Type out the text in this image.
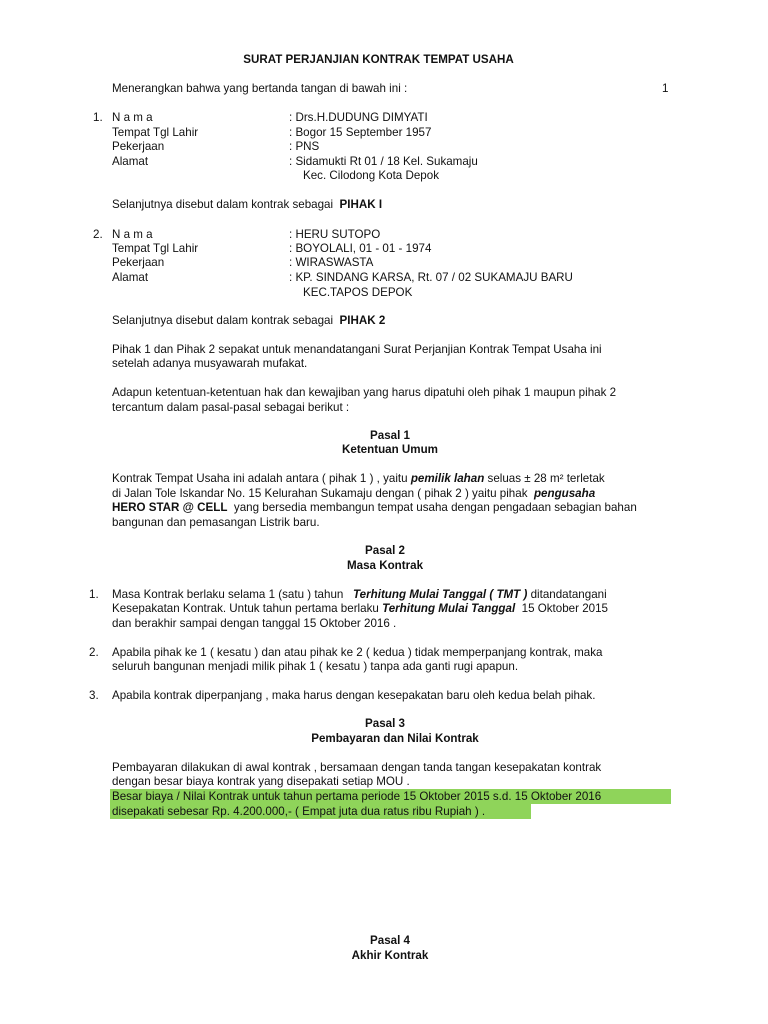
SURAT PERJANJIAN KONTRAK TEMPAT USAHA
Menerangkan bahwa yang bertanda tangan di bawah ini :	1
1. N a m a	: Drs.H.DUDUNG DIMYATI
Tempat Tgl Lahir	: Bogor 15 September 1957
Pekerjaan	: PNS
Alamat	: Sidamukti Rt 01 / 18 Kel. Sukamaju
Kec. Cilodong Kota Depok
Selanjutnya disebut dalam kontrak sebagai PIHAK I
2. N a m a	: HERU SUTOPO
Tempat Tgl Lahir	: BOYOLALI, 01 - 01 - 1974
Pekerjaan	: WIRASWASTA
Alamat	: KP. SINDANG KARSA, Rt. 07 / 02 SUKAMAJU BARU
KEC.TAPOS DEPOK
Selanjutnya disebut dalam kontrak sebagai PIHAK 2
Pihak 1 dan Pihak 2 sepakat untuk menandatangani Surat Perjanjian Kontrak Tempat Usaha ini
setelah adanya musyawarah mufakat.
Adapun ketentuan-ketentuan hak dan kewajiban yang harus dipatuhi oleh pihak 1 maupun pihak 2
tercantum dalam pasal-pasal sebagai berikut :
Pasal 1
Ketentuan Umum
Kontrak Tempat Usaha ini adalah antara ( pihak 1 ) , yaitu pemilik lahan seluas ± 28 m² terletak
di Jalan Tole Iskandar No. 15 Kelurahan Sukamaju dengan ( pihak 2 ) yaitu pihak pengusaha
HERO STAR @ CELL yang bersedia membangun tempat usaha dengan pengadaan sebagian bahan
bangunan dan pemasangan Listrik baru.
Pasal 2
Masa Kontrak
1. Masa Kontrak berlaku selama 1 (satu ) tahun Terhitung Mulai Tanggal ( TMT ) ditandatangani
Kesepakatan Kontrak. Untuk tahun pertama berlaku Terhitung Mulai Tanggal 15 Oktober 2015
dan berakhir sampai dengan tanggal 15 Oktober 2016 .
2. Apabila pihak ke 1 ( kesatu ) dan atau pihak ke 2 ( kedua ) tidak memperpanjang kontrak, maka
seluruh bangunan menjadi milik pihak 1 ( kesatu ) tanpa ada ganti rugi apapun.
3. Apabila kontrak diperpanjang , maka harus dengan kesepakatan baru oleh kedua belah pihak.
Pasal 3
Pembayaran dan Nilai Kontrak
Pembayaran dilakukan di awal kontrak , bersamaan dengan tanda tangan kesepakatan kontrak
dengan besar biaya kontrak yang disepakati setiap MOU .
Besar biaya / Nilai Kontrak untuk tahun pertama periode 15 Oktober 2015 s.d. 15 Oktober 2016
disepakati sebesar Rp. 4.200.000,- ( Empat juta dua ratus ribu Rupiah ) .
Pasal 4
Akhir Kontrak
